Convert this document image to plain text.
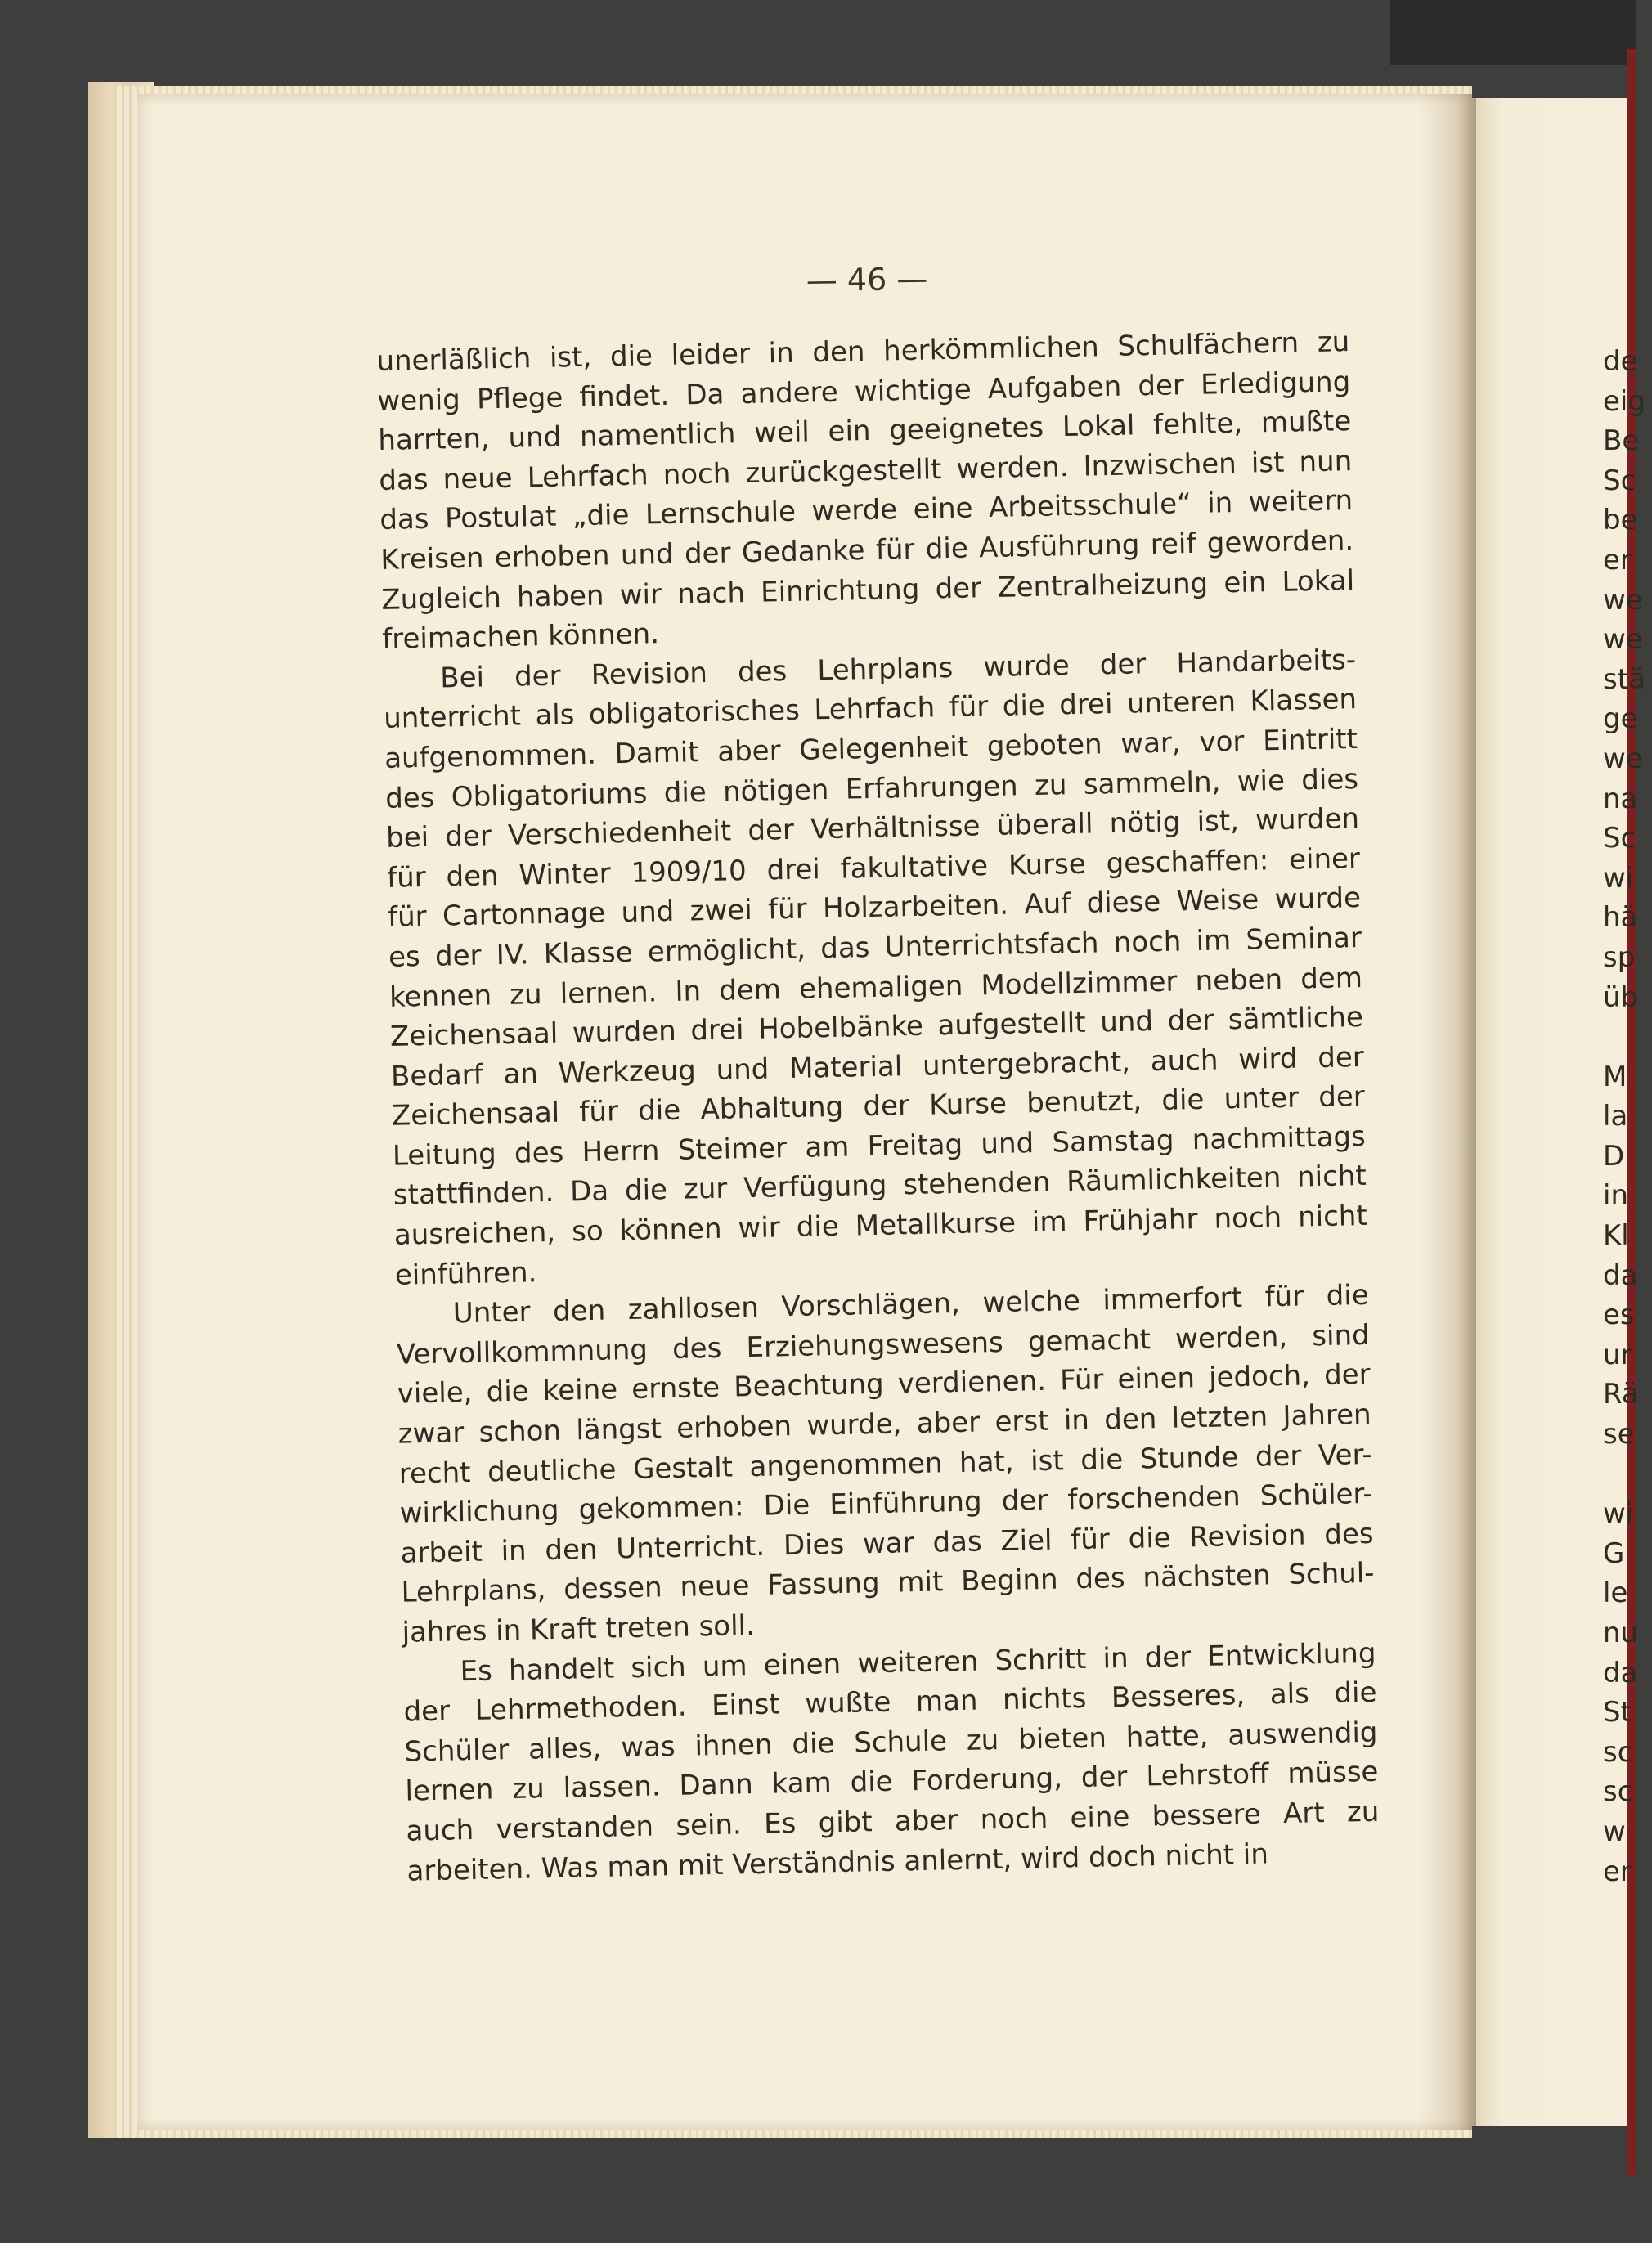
— 46 —

unerläßlich ist, die leider in den herkömmlichen Schulfächern zu

wenig Pflege findet. Da andere wichtige Aufgaben der Erledigung

harrten, und namentlich weil ein geeignetes Lokal fehlte, mußte

das neue Lehrfach noch zurückgestellt werden. Inzwischen ist nun

das Postulat „die Lernschule werde eine Arbeitsschule“ in weitern

Kreisen erhoben und der Gedanke für die Ausführung reif geworden.

Zugleich haben wir nach Einrichtung der Zentralheizung ein Lokal

freimachen können.

Bei der Revision des Lehrplans wurde der Handarbeits-

unterricht als obligatorisches Lehrfach für die drei unteren Klassen

aufgenommen. Damit aber Gelegenheit geboten war, vor Eintritt

des Obligatoriums die nötigen Erfahrungen zu sammeln, wie dies

bei der Verschiedenheit der Verhältnisse überall nötig ist, wurden

für den Winter 1909/10 drei fakultative Kurse geschaffen: einer

für Cartonnage und zwei für Holzarbeiten. Auf diese Weise wurde

es der IV. Klasse ermöglicht, das Unterrichtsfach noch im Seminar

kennen zu lernen. In dem ehemaligen Modellzimmer neben dem

Zeichensaal wurden drei Hobelbänke aufgestellt und der sämtliche

Bedarf an Werkzeug und Material untergebracht, auch wird der

Zeichensaal für die Abhaltung der Kurse benutzt, die unter der

Leitung des Herrn Steimer am Freitag und Samstag nachmittags

stattfinden. Da die zur Verfügung stehenden Räumlichkeiten nicht

ausreichen, so können wir die Metallkurse im Frühjahr noch nicht

einführen.

Unter den zahllosen Vorschlägen, welche immerfort für die

Vervollkommnung des Erziehungswesens gemacht werden, sind

viele, die keine ernste Beachtung verdienen. Für einen jedoch, der

zwar schon längst erhoben wurde, aber erst in den letzten Jahren

recht deutliche Gestalt angenommen hat, ist die Stunde der Ver-

wirklichung gekommen: Die Einführung der forschenden Schüler-

arbeit in den Unterricht. Dies war das Ziel für die Revision des

Lehrplans, dessen neue Fassung mit Beginn des nächsten Schul-

jahres in Kraft treten soll.

Es handelt sich um einen weiteren Schritt in der Entwicklung

der Lehrmethoden. Einst wußte man nichts Besseres, als die

Schüler alles, was ihnen die Schule zu bieten hatte, auswendig

lernen zu lassen. Dann kam die Forderung, der Lehrstoff müsse

auch verstanden sein. Es gibt aber noch eine bessere Art zu

arbeiten. Was man mit Verständnis anlernt, wird doch nicht in

de
eig
Be
Sc
be
er
we
we
stä
ge
we
na
Sc
wi
hä
sp
üb
M
la
D
in
Kl
da
es
ur
Rä
se
wi
G
le
nu
da
St
sc
sc
w
er
